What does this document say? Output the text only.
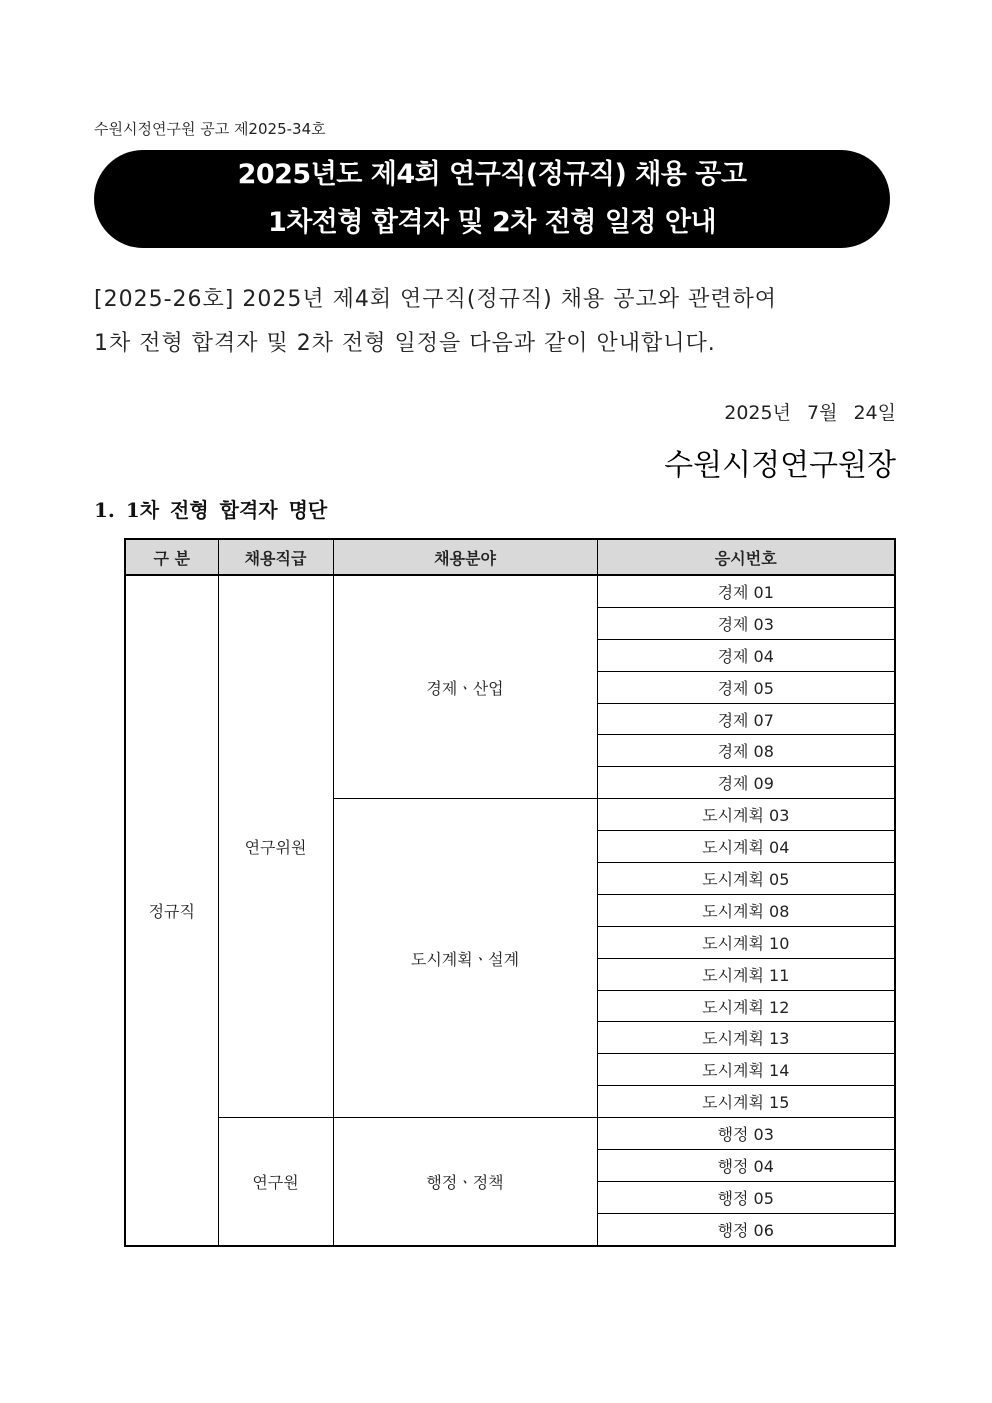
수원시정연구원 공고 제2025-34호
2025년도 제4회 연구직(정규직) 채용 공고
1차전형 합격자 및 2차 전형 일정 안내
[2025-26호] 2025년 제4회 연구직(정규직) 채용 공고와 관련하여
1차 전형 합격자 및 2차 전형 일정을 다음과 같이 안내합니다.
2025년 7월 24일
수원시정연구원장
1. 1차 전형 합격자 명단
구 분	채용직급	채용분야	응시번호
정규직	연구위원	경제ㆍ산업	경제 01
			경제 03
			경제 04
			경제 05
			경제 07
			경제 08
			경제 09
		도시계획ㆍ설계	도시계획 03
			도시계획 04
			도시계획 05
			도시계획 08
			도시계획 10
			도시계획 11
			도시계획 12
			도시계획 13
			도시계획 14
			도시계획 15
	연구원	행정ㆍ정책	행정 03
			행정 04
			행정 05
			행정 06
